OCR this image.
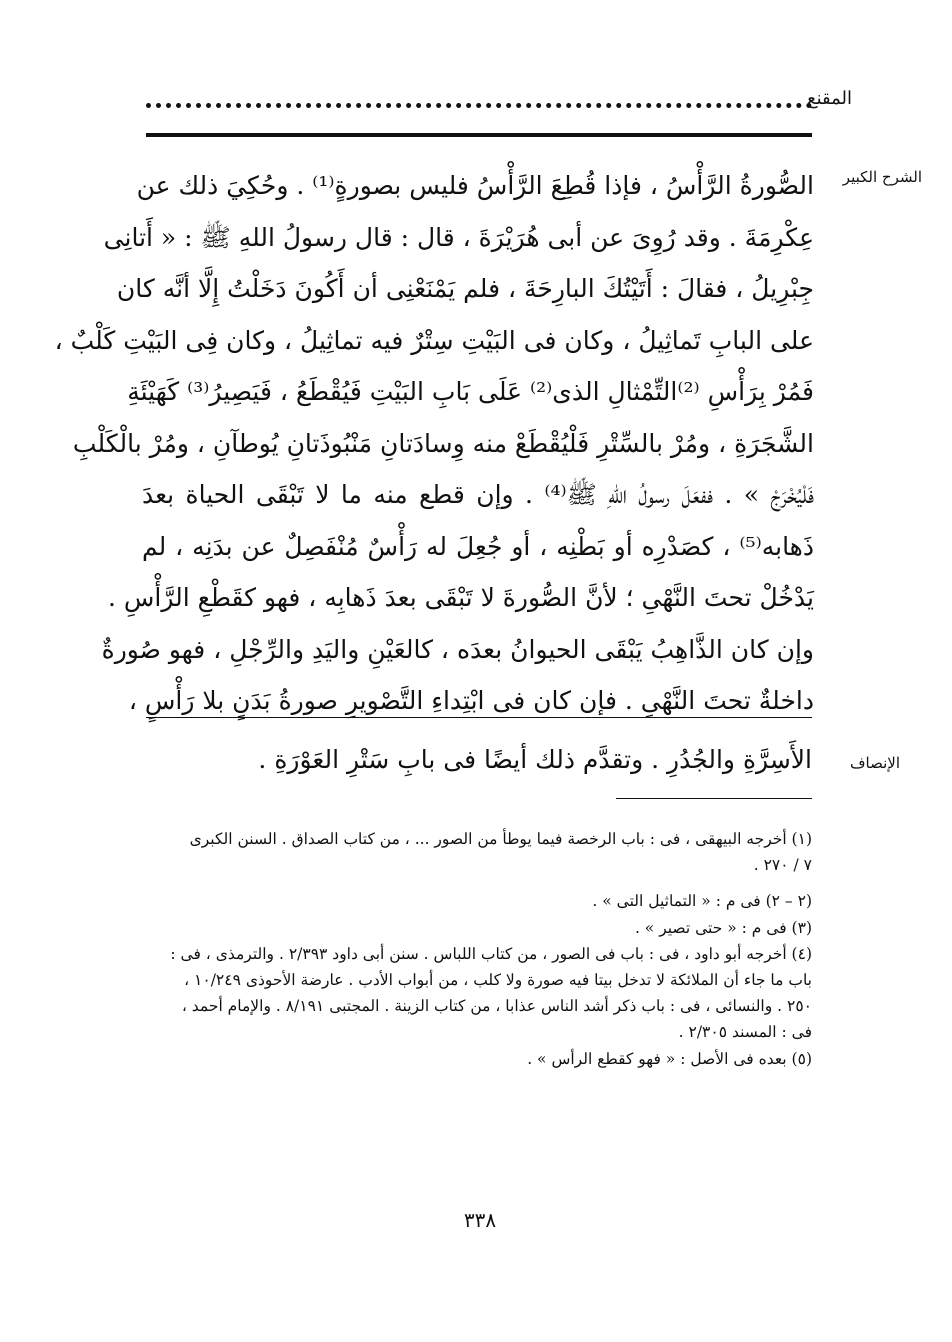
المقنع
الشرح الكبير
الصُّورةُ الرَّأْسُ ، فإذا قُطِعَ الرَّأْسُ فليس بصورةٍ⁽¹⁾ . وحُكِيَ ذلك عن
عِكْرِمَةَ . وقد رُوِىَ عن أبى هُرَيْرَةَ ، قال : قال رسولُ اللهِ ﷺ : « أَتانِى
جِبْرِيلُ ، فقالَ : أَتَيْتُكَ البارِحَةَ ، فلم يَمْنَعْنِى أن أَكُونَ دَخَلْتُ إِلَّا أنَّه كان
على البابِ تَماثِيلُ ، وكان فى البَيْتِ سِتْرٌ فيه تماثِيلُ ، وكان فِى البَيْتِ كَلْبٌ ،
فَمُرْ بِرَأْسِ ⁽²⁾التِّمْثالِ الذى⁽²⁾ عَلَى بَابِ البَيْتِ فَيُقْطَعُ ، فَيَصِيرُ⁽³⁾ كَهَيْئَةِ
الشَّجَرَةِ ، ومُرْ بالسِّتْرِ فَلْيُقْطَعْ منه وِسادَتانِ مَنْبُوذَتانِ يُوطآنِ ، ومُرْ بالْكَلْبِ
فَلْيُخْرَجْ » . ففعَلَ رسولُ اللهِ ﷺ⁽⁴⁾ . وإن قطع منه ما لا تَبْقَى الحياة بعدَ
ذَهابه⁽⁵⁾ ، كصَدْرِه أو بَطْنِه ، أو جُعِلَ له رَأْسٌ مُنْفَصِلٌ عن بدَنِه ، لم
يَدْخُلْ تحتَ النَّهْىِ ؛ لأنَّ الصُّورةَ لا تَبْقَى بعدَ ذَهابِه ، فهو كقَطْعِ الرَّأْسِ .
وإن كان الذَّاهِبُ يَبْقَى الحيوانُ بعدَه ، كالعَيْنِ واليَدِ والرِّجْلِ ، فهو صُورةٌ
داخلةٌ تحتَ النَّهْىِ . فإن كان فى ابْتِداءِ التَّصْويرِ صورةُ بَدَنٍ بلا رَأْسٍ ،
الإنصاف
الأَسِرَّةِ والجُدُرِ . وتقدَّم ذلك أيضًا فى بابِ سَتْرِ العَوْرَةِ .
(١) أخرجه البيهقى ، فى : باب الرخصة فيما يوطأ من الصور ... ، من كتاب الصداق . السنن الكبرى
٧ / ٢٧٠ .
(٢ – ٢) فى م : « التماثيل التى » .
(٣) فى م : « حتى تصير » .
(٤) أخرجه أبو داود ، فى : باب فى الصور ، من كتاب اللباس . سنن أبى داود ٢/٣٩٣ . والترمذى ، فى :
باب ما جاء أن الملائكة لا تدخل بيتا فيه صورة ولا كلب ، من أبواب الأدب . عارضة الأحوذى ١٠/٢٤٩ ،
٢٥٠ . والنسائى ، فى : باب ذكر أشد الناس عذابا ، من كتاب الزينة . المجتبى ٨/١٩١ . والإمام أحمد ،
فى : المسند ٢/٣٠٥ .
(٥) بعده فى الأصل : « فهو كقطع الرأس » .
٣٣٨
